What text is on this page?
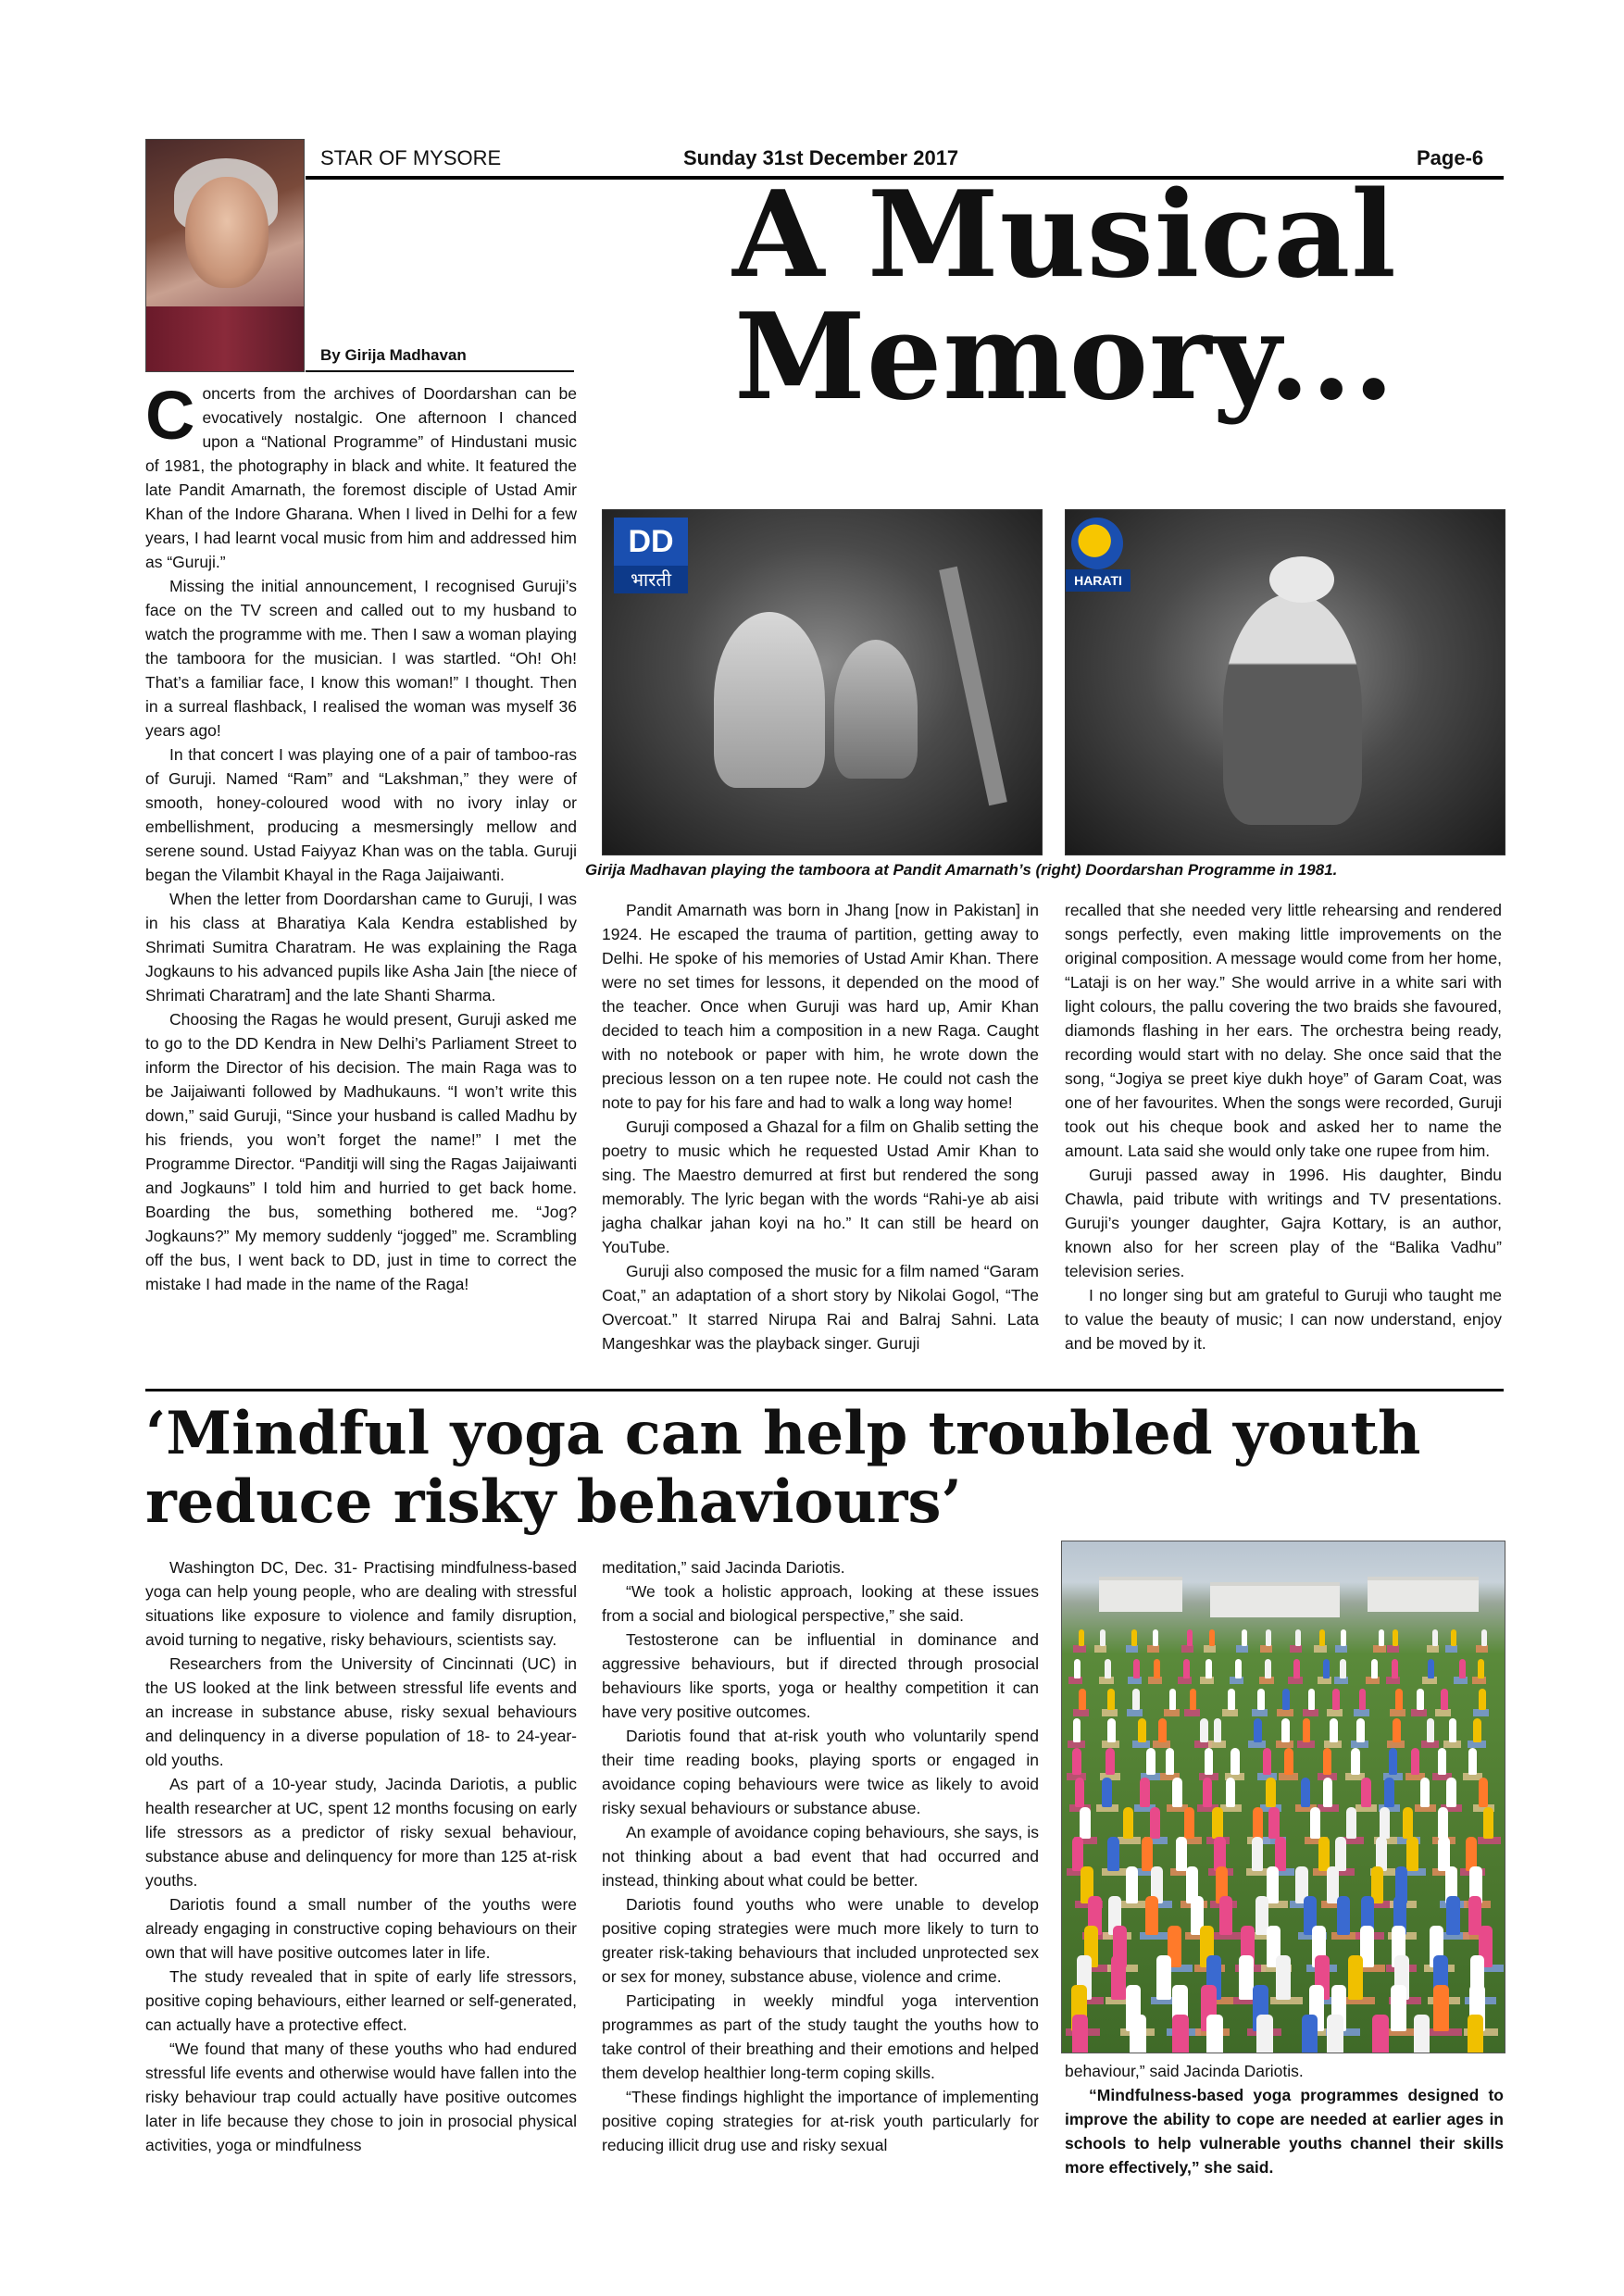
STAR OF MYSORE	Sunday 31st December 2017	Page-6
A Musical
Memory...
By Girija Madhavan

Concerts from the archives of Doordarshan can be evocatively nostalgic. One afternoon I chanced upon a “National Programme” of Hindustani music of 1981, the photography in black and white. It featured the late Pandit Amarnath, the foremost disciple of Ustad Amir Khan of the Indore Gharana. When I lived in Delhi for a few years, I had learnt vocal music from him and addressed him as “Guruji.”

Missing the initial announcement, I recognised Guruji’s face on the TV screen and called out to my husband to watch the programme with me. Then I saw a woman playing the tamboora for the musician. I was startled. “Oh! Oh! That’s a familiar face, I know this woman!” I thought. Then in a surreal flashback, I realised the woman was myself 36 years ago!

In that concert I was playing one of a pair of tamboo-ras of Guruji. Named “Ram” and “Lakshman,” they were of smooth, honey-coloured wood with no ivory inlay or embellishment, producing a mesmersingly mellow and serene sound. Ustad Faiyyaz Khan was on the tabla. Guruji began the Vilambit Khayal in the Raga Jaijaiwanti.

When the letter from Doordarshan came to Guruji, I was in his class at Bharatiya Kala Kendra established by Shrimati Sumitra Charatram. He was explaining the Raga Jogkauns to his advanced pupils like Asha Jain [the niece of Shrimati Charatram] and the late Shanti Sharma.

Choosing the Ragas he would present, Guruji asked me to go to the DD Kendra in New Delhi’s Parliament Street to inform the Director of his decision. The main Raga was to be Jaijaiwanti followed by Madhukauns. “I won’t write this down,” said Guruji, “Since your husband is called Madhu by his friends, you won’t forget the name!” I met the Programme Director. “Panditji will sing the Ragas Jaijaiwanti and Jogkauns” I told him and hurried to get back home. Boarding the bus, something bothered me. “Jog? Jogkauns?” My memory suddenly “jogged” me. Scrambling off the bus, I went back to DD, just in time to correct the mistake I had made in the name of the Raga!

DD
भारती	HARATI
Girija Madhavan playing the tamboora at Pandit Amarnath’s (right) Doordarshan Programme in 1981.

Pandit Amarnath was born in Jhang [now in Pakistan] in 1924. He escaped the trauma of partition, getting away to Delhi. He spoke of his memories of Ustad Amir Khan. There were no set times for lessons, it depended on the mood of the teacher. Once when Guruji was hard up, Amir Khan decided to teach him a composition in a new Raga. Caught with no notebook or paper with him, he wrote down the precious lesson on a ten rupee note. He could not cash the note to pay for his fare and had to walk a long way home!

Guruji composed a Ghazal for a film on Ghalib setting the poetry to music which he requested Ustad Amir Khan to sing. The Maestro demurred at first but rendered the song memorably. The lyric began with the words “Rahi-ye ab aisi jagha chalkar jahan koyi na ho.” It can still be heard on YouTube.

Guruji also composed the music for a film named “Garam Coat,” an adaptation of a short story by Nikolai Gogol, “The Overcoat.” It starred Nirupa Rai and Balraj Sahni. Lata Mangeshkar was the playback singer. Guruji

recalled that she needed very little rehearsing and rendered songs perfectly, even making little improvements on the original composition. A message would come from her home, “Lataji is on her way.” She would arrive in a white sari with light colours, the pallu covering the two braids she favoured, diamonds flashing in her ears. The orchestra being ready, recording would start with no delay. She once said that the song, “Jogiya se preet kiye dukh hoye” of Garam Coat, was one of her favourites. When the songs were recorded, Guruji took out his cheque book and asked her to name the amount. Lata said she would only take one rupee from him.

Guruji passed away in 1996. His daughter, Bindu Chawla, paid tribute with writings and TV presentations. Guruji’s younger daughter, Gajra Kottary, is an author, known also for her screen play of the “Balika Vadhu” television series.

I no longer sing but am grateful to Guruji who taught me to value the beauty of music; I can now understand, enjoy and be moved by it.

‘Mindful yoga can help troubled youth
reduce risky behaviours’

Washington DC, Dec. 31- Practising mindfulness-based yoga can help young people, who are dealing with stressful situations like exposure to violence and family disruption, avoid turning to negative, risky behaviours, scientists say.

Researchers from the University of Cincinnati (UC) in the US looked at the link between stressful life events and an increase in substance abuse, risky sexual behaviours and delinquency in a diverse population of 18- to 24-year-old youths.

As part of a 10-year study, Jacinda Dariotis, a public health researcher at UC, spent 12 months focusing on early life stressors as a predictor of risky sexual behaviour, substance abuse and delinquency for more than 125 at-risk youths.

Dariotis found a small number of the youths were already engaging in constructive coping behaviours on their own that will have positive outcomes later in life.

The study revealed that in spite of early life stressors, positive coping behaviours, either learned or self-generated, can actually have a protective effect.

“We found that many of these youths who had endured stressful life events and otherwise would have fallen into the risky behaviour trap could actually have positive outcomes later in life because they chose to join in prosocial physical activities, yoga or mindfulness

meditation,” said Jacinda Dariotis.

“We took a holistic approach, looking at these issues from a social and biological perspective,” she said.

Testosterone can be influential in dominance and aggressive behaviours, but if directed through prosocial behaviours like sports, yoga or healthy competition it can have very positive outcomes.

Dariotis found that at-risk youth who voluntarily spend their time reading books, playing sports or engaged in avoidance coping behaviours were twice as likely to avoid risky sexual behaviours or substance abuse.

An example of avoidance coping behaviours, she says, is not thinking about a bad event that had occurred and instead, thinking about what could be better.

Dariotis found youths who were unable to develop positive coping strategies were much more likely to turn to greater risk-taking behaviours that included unprotected sex or sex for money, substance abuse, violence and crime.

Participating in weekly mindful yoga intervention programmes as part of the study taught the youths how to take control of their breathing and their emotions and helped them develop healthier long-term coping skills.

“These findings highlight the importance of implementing positive coping strategies for at-risk youth particularly for reducing illicit drug use and risky sexual

behaviour,” said Jacinda Dariotis.

“Mindfulness-based yoga programmes designed to improve the ability to cope are needed at earlier ages in schools to help vulnerable youths channel their skills more effectively,” she said.
